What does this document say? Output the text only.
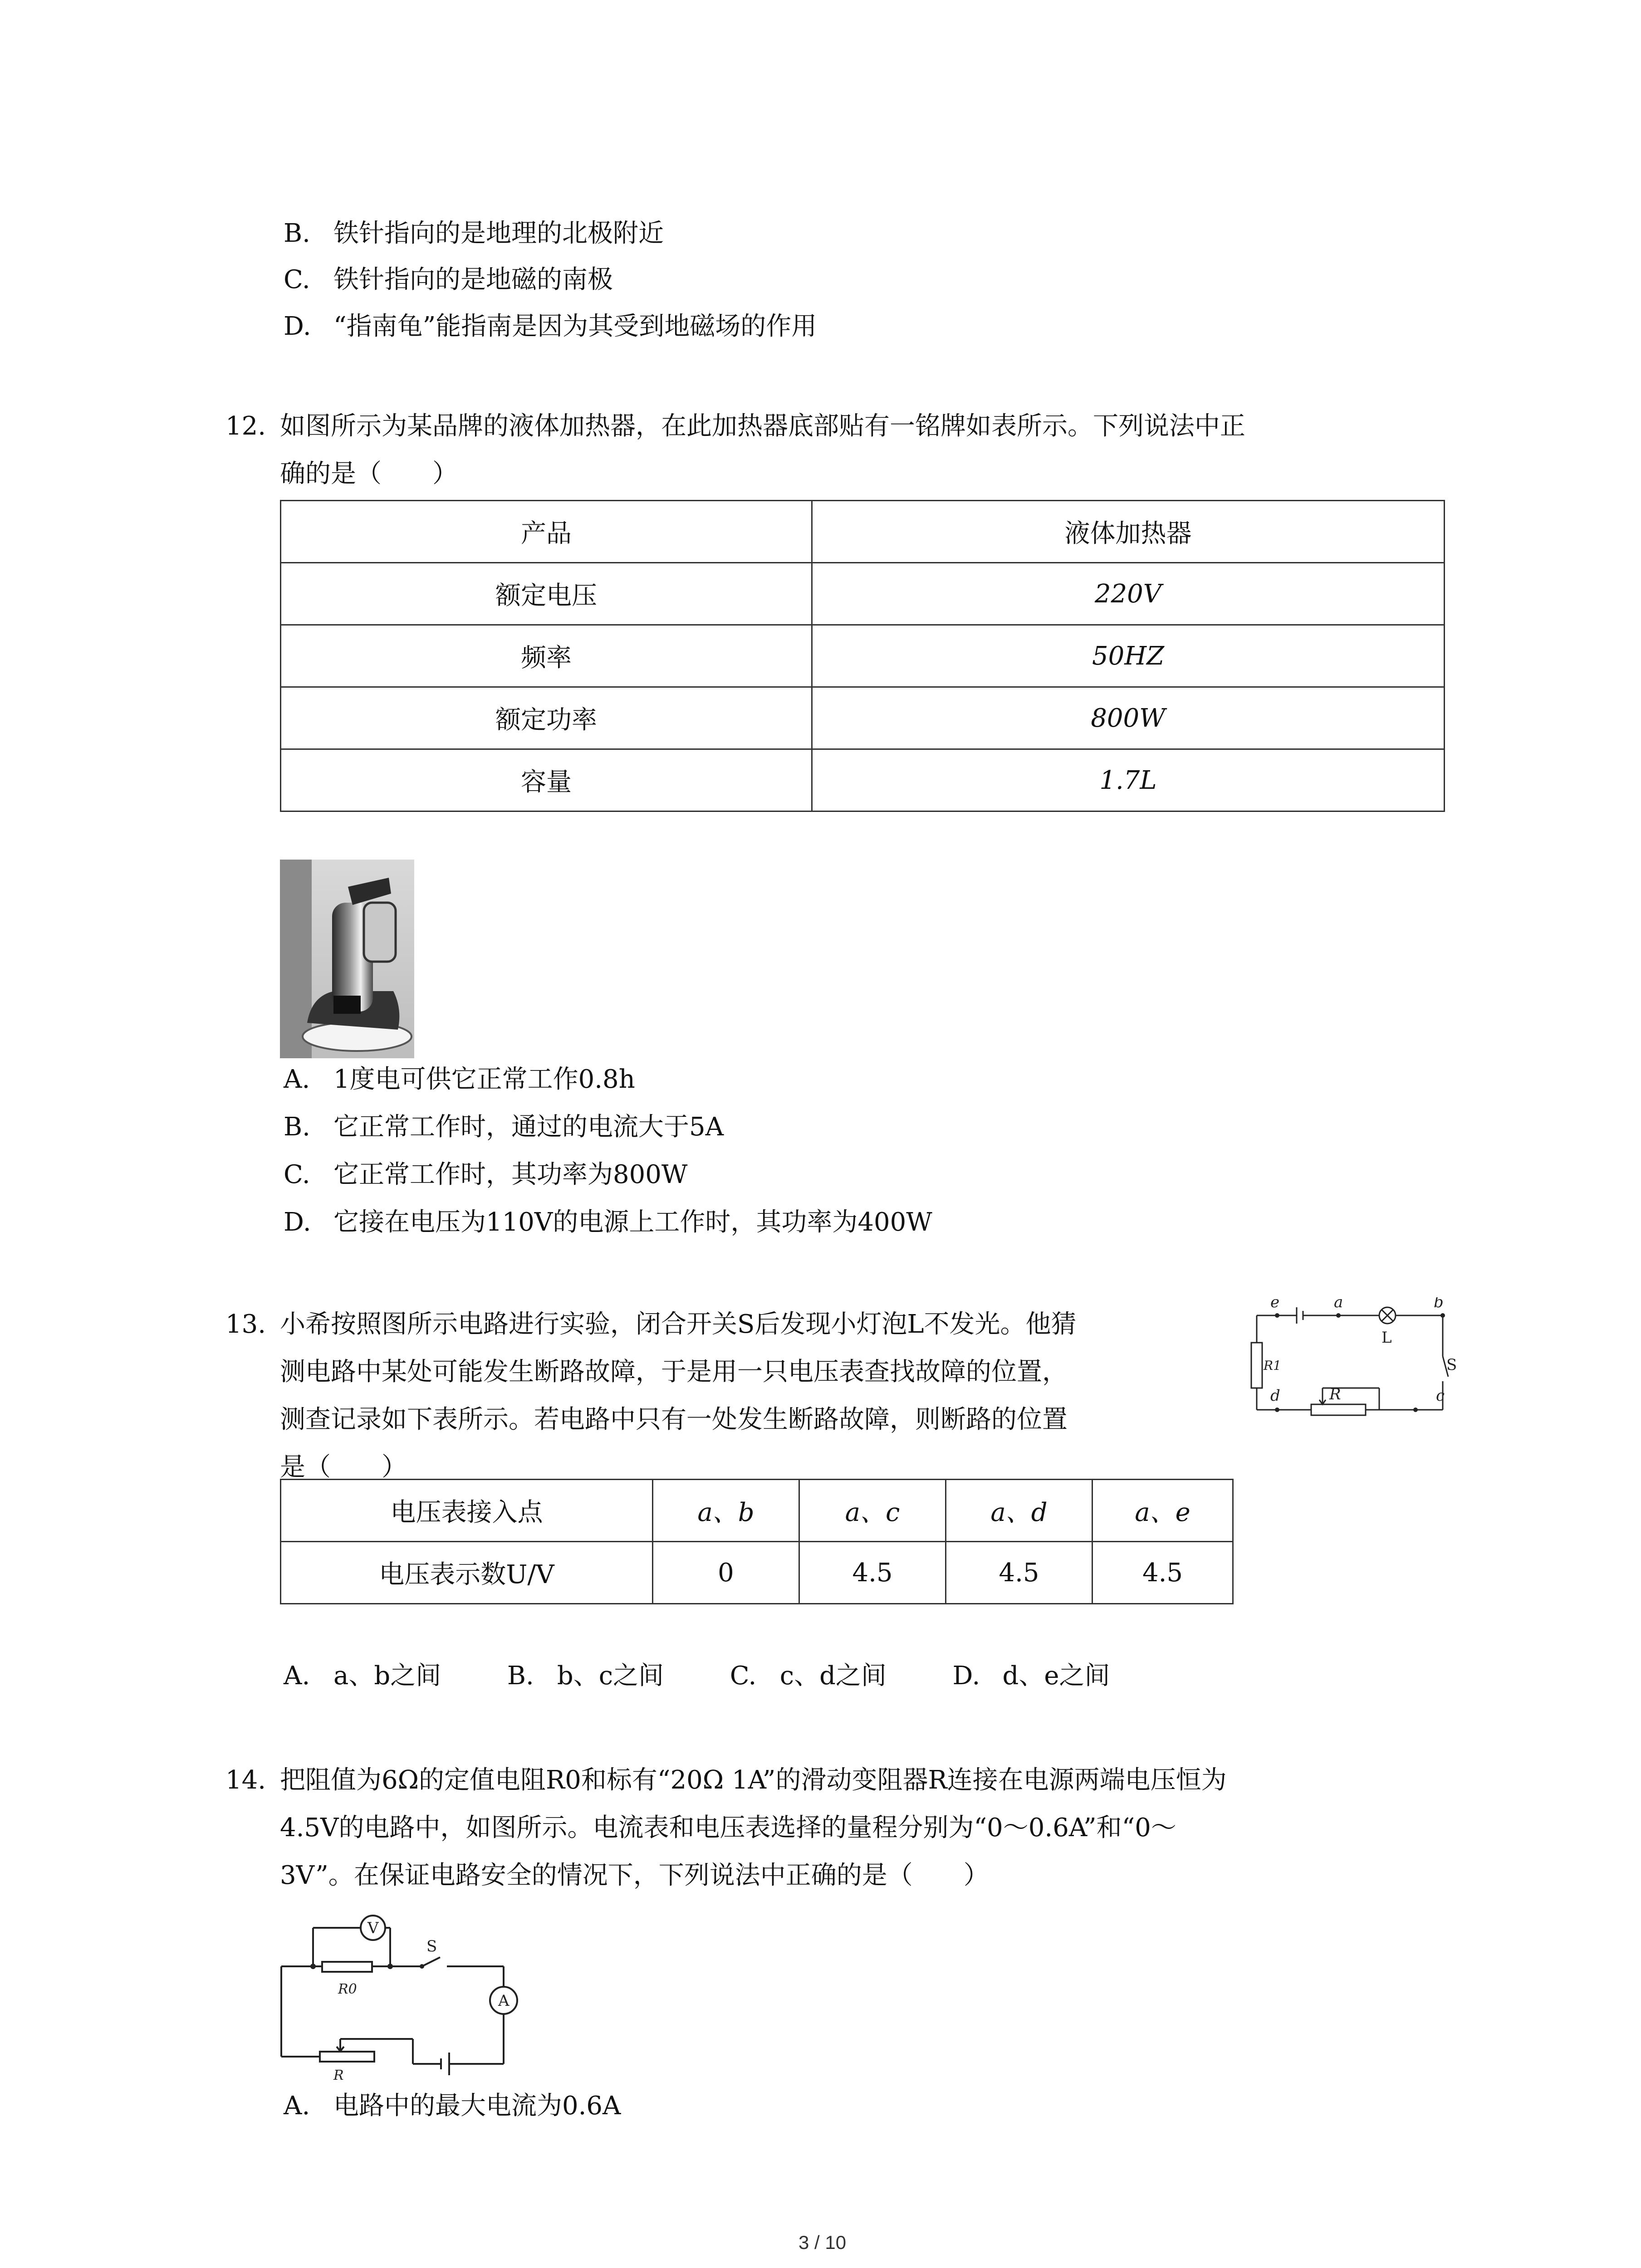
B. 铁针指向的是地理的北极附近
C. 铁针指向的是地磁的南极
D. “指南龟”能指南是因为其受到地磁场的作用
12. 如图所示为某品牌的液体加热器，在此加热器底部贴有一铭牌如表所示。下列说法中正
确的是（　　）
产品	液体加热器
额定电压	220V
频率	50HZ
额定功率	800W
容量	1.7L
A. 1度电可供它正常工作0.8h
B. 它正常工作时，通过的电流大于5A
C. 它正常工作时，其功率为800W
D. 它接在电压为110V的电源上工作时，其功率为400W
13. 小希按照图所示电路进行实验，闭合开关S后发现小灯泡L不发光。他猜
测电路中某处可能发生断路故障，于是用一只电压表查找故障的位置，
测查记录如下表所示。若电路中只有一处发生断路故障，则断路的位置
是（　　）
e	a	b
d	c
R
L
S
R1
电压表接入点	a、b	a、c	a、d	a、e
电压表示数U/V	0	4.5	4.5	4.5
A. a、b之间	B. b、c之间	C. c、d之间	D. d、e之间
14. 把阻值为6Ω的定值电阻R0和标有“20Ω 1A”的滑动变阻器R连接在电源两端电压恒为
4.5V的电路中，如图所示。电流表和电压表选择的量程分别为“0～0.6A”和“0～
3V”。在保证电路安全的情况下，下列说法中正确的是（　　）
V
S
A
R0
R
A. 电路中的最大电流为0.6A
3 / 10
